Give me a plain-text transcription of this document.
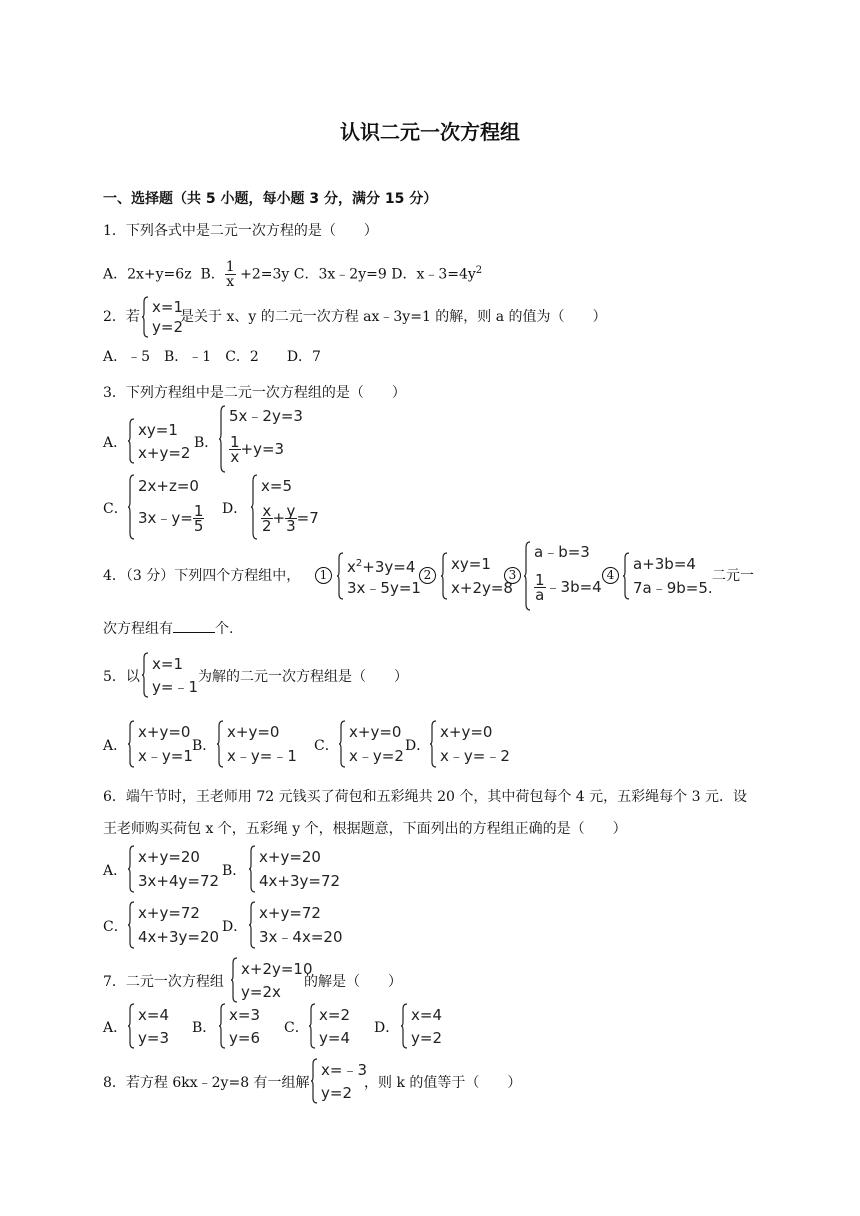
认识二元一次方程组
一、选择题（共 5 小题，每小题 3 分，满分 15 分）
1．下列各式中是二元一次方程的是（　　）
A．2x+y=6z B． $\frac{1}{x} +2=3y$ C．3x﹣2y=9 D．$x﹣3=4y^2$
2．若
x=1
y=2
是关于 x、y 的二元一次方程 ax﹣3y=1 的解，则 a 的值为（　　）
A．﹣5　B．﹣1　C．2　　D．7
3．下列方程组中是二元一次方程组的是（　　）
A．
xy=1
x+y=2
B．
5x﹣2y=3
$\frac{1}{x} +y=3$
C．
2x+z=0
3x﹣y= $\frac{1}{5}$ D．
x=5
$\frac{x}{2} + \frac{y}{3} =7$
4．（3 分）下列四个方程组中，	1	$x^2+3y=4$
3x﹣5y=1
2
xy=1
x+2y=8
3
a﹣b=3
$\frac{1}{a}$ ﹣3b=4
4
a+3b=4
7a﹣9b=5.
二元一
次方程组有	个.
5．以
x=1
y=﹣1
为解的二元一次方程组是（　　）
A．
x+y=0
x﹣y=1
B．
x+y=0
x﹣y=﹣1
C．
x+y=0
x﹣y=2
D．
x+y=0
x﹣y=﹣2
6．端午节时，王老师用 72 元钱买了荷包和五彩绳共 20 个，其中荷包每个 4 元，五彩绳每个 3 元．设
王老师购买荷包 x 个，五彩绳 y 个，根据题意，下面列出的方程组正确的是（　　）
A．
x+y=20
3x+4y=72
B．
x+y=20
4x+3y=72
C．
x+y=72
4x+3y=20
D．
x+y=72
3x﹣4x=20
7．二元一次方程组
x+2y=10
y=2x
的解是（　　）
A．
x=4
y=3
B．
x=3
y=6
C．
x=2
y=4
D．
x=4
y=2
8．若方程 6kx﹣2y=8 有一组解
x=﹣3
y=2
，则 k 的值等于（　　）
